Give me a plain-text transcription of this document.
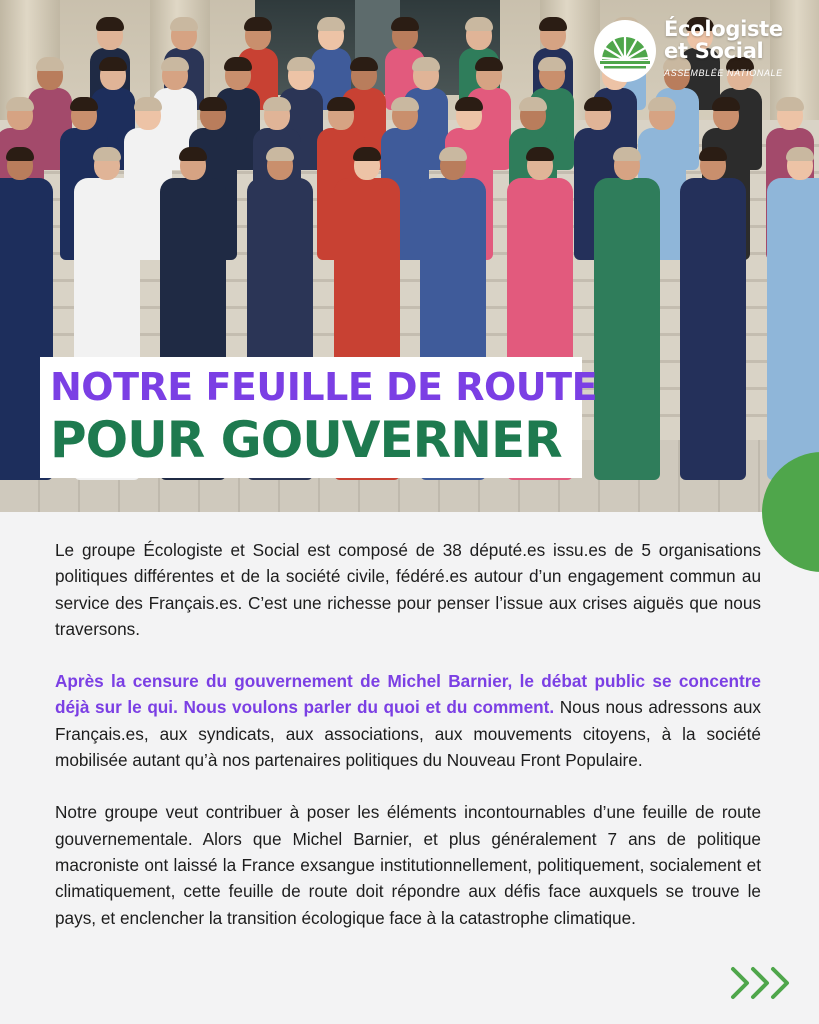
Écologiste
et Social
ASSEMBLÉE NATIONALE
NOTRE FEUILLE DE ROUTE
POUR GOUVERNER

Le groupe Écologiste et Social est composé de 38 député.es issu.es de 5 organisations politiques différentes et de la société civile, fédéré.es autour d’un engagement commun au service des Français.es. C’est une richesse pour penser l’issue aux crises aiguës que nous traversons.

Après la censure du gouvernement de Michel Barnier, le débat public se concentre déjà sur le qui. Nous voulons parler du quoi et du comment. Nous nous adressons aux Français.es, aux syndicats, aux associations, aux mouvements citoyens, à la société mobilisée autant qu’à nos partenaires politiques du Nouveau Front Populaire.

Notre groupe veut contribuer à poser les éléments incontournables d’une feuille de route gouvernementale. Alors que Michel Barnier, et plus généralement 7 ans de politique macroniste ont laissé la France exsangue institutionnellement, politiquement, socialement et climatiquement, cette feuille de route doit répondre aux défis face auxquels se trouve le pays, et enclencher la transition écologique face à la catastrophe climatique.
